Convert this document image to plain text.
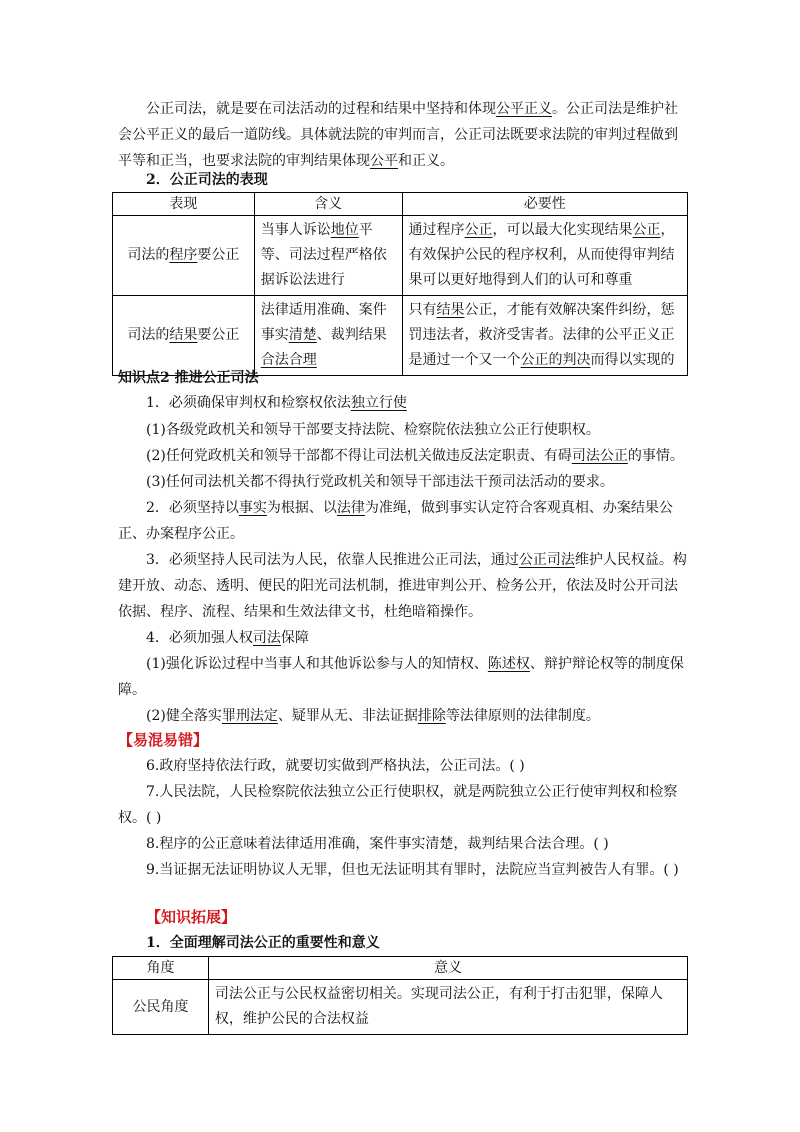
公正司法，就是要在司法活动的过程和结果中坚持和体现公平正义。公正司法是维护社会公平正义的最后一道防线。具体就法院的审判而言，公正司法既要求法院的审判过程做到平等和正当，也要求法院的审判结果体现公平和正义。

2．公正司法的表现

表现	含义	必要性
司法的程序要公正	当事人诉讼地位平等、司法过程严格依据诉讼法进行	通过程序公正，可以最大化实现结果公正，有效保护公民的程序权利，从而使得审判结果可以更好地得到人们的认可和尊重
司法的结果要公正	法律适用准确、案件事实清楚、裁判结果合法合理	只有结果公正，才能有效解决案件纠纷，惩罚违法者，救济受害者。法律的公平正义正是通过一个又一个公正的判决而得以实现的

知识点2 推进公正司法

1．必须确保审判权和检察权依法独立行使

(1)各级党政机关和领导干部要支持法院、检察院依法独立公正行使职权。

(2)任何党政机关和领导干部都不得让司法机关做违反法定职责、有碍司法公正的事情。

(3)任何司法机关都不得执行党政机关和领导干部违法干预司法活动的要求。

2．必须坚持以事实为根据、以法律为准绳，做到事实认定符合客观真相、办案结果公正、办案程序公正。

3．必须坚持人民司法为人民，依靠人民推进公正司法，通过公正司法维护人民权益。构建开放、动态、透明、便民的阳光司法机制，推进审判公开、检务公开，依法及时公开司法依据、程序、流程、结果和生效法律文书，杜绝暗箱操作。

4．必须加强人权司法保障

(1)强化诉讼过程中当事人和其他诉讼参与人的知情权、陈述权、辩护辩论权等的制度保障。

(2)健全落实罪刑法定、疑罪从无、非法证据排除等法律原则的法律制度。

【易混易错】

6.政府坚持依法行政，就要切实做到严格执法，公正司法。( )

7.人民法院，人民检察院依法独立公正行使职权，就是两院独立公正行使审判权和检察权。( )

8.程序的公正意味着法律适用准确，案件事实清楚，裁判结果合法合理。( )

9.当证据无法证明协议人无罪，但也无法证明其有罪时，法院应当宣判被告人有罪。( )

【知识拓展】

1．全面理解司法公正的重要性和意义

角度	意义
公民角度	司法公正与公民权益密切相关。实现司法公正，有利于打击犯罪，保障人权，维护公民的合法权益
